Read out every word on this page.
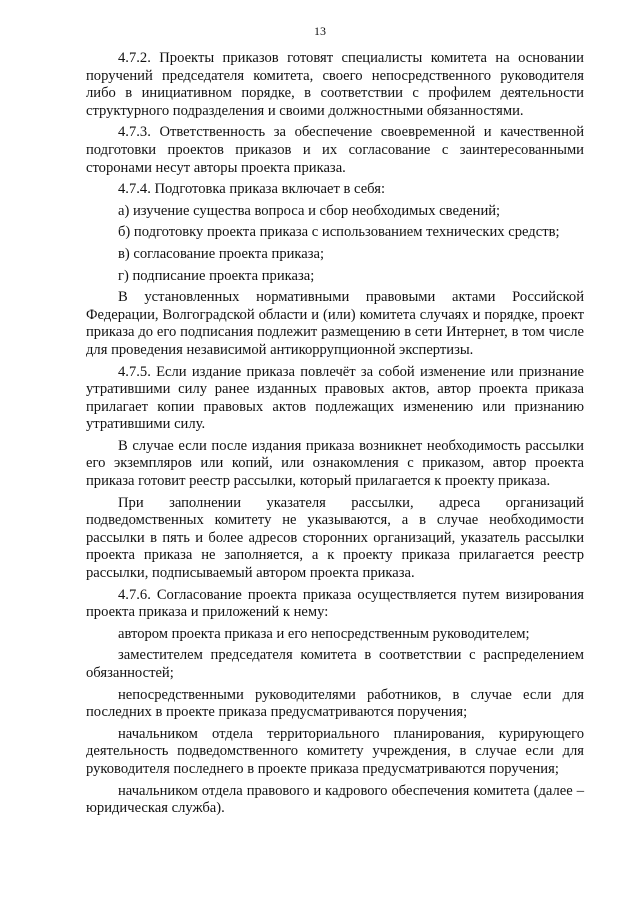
13

4.7.2. Проекты приказов готовят специалисты комитета на основании поручений председателя комитета, своего непосредственного руководителя либо в инициативном порядке, в соответствии с профилем деятельности структурного подразделения и своими должностными обязанностями.

4.7.3. Ответственность за обеспечение своевременной и качественной подготовки проектов приказов и их согласование с заинтересованными сторонами несут авторы проекта приказа.

4.7.4. Подготовка приказа включает в себя:

а) изучение существа вопроса и сбор необходимых сведений;

б) подготовку проекта приказа с использованием технических средств;

в) согласование проекта приказа;

г) подписание проекта приказа;

В установленных нормативными правовыми актами Российской Федерации, Волгоградской области и (или) комитета случаях и порядке, проект приказа до его подписания подлежит размещению в сети Интернет, в том числе для проведения независимой антикоррупционной экспертизы.

4.7.5. Если издание приказа повлечёт за собой изменение или признание утратившими силу ранее изданных правовых актов, автор проекта приказа прилагает копии правовых актов подлежащих изменению или признанию утратившими силу.

В случае если после издания приказа возникнет необходимость рассылки его экземпляров или копий, или ознакомления с приказом, автор проекта приказа готовит реестр рассылки, который прилагается к проекту приказа.

При заполнении указателя рассылки, адреса организаций подведомственных комитету не указываются, а в случае необходимости рассылки в пять и более адресов сторонних организаций, указатель рассылки проекта приказа не заполняется, а к проекту приказа прилагается реестр рассылки, подписываемый автором проекта приказа.

4.7.6. Согласование проекта приказа осуществляется путем визирования проекта приказа и приложений к нему:

автором проекта приказа и его непосредственным руководителем;

заместителем председателя комитета в соответствии с распределением обязанностей;

непосредственными руководителями работников, в случае если для последних в проекте приказа предусматриваются поручения;

начальником отдела территориального планирования, курирующего деятельность подведомственного комитету учреждения, в случае если для руководителя последнего в проекте приказа предусматриваются поручения;

начальником отдела правового и кадрового обеспечения комитета (далее – юридическая служба).
